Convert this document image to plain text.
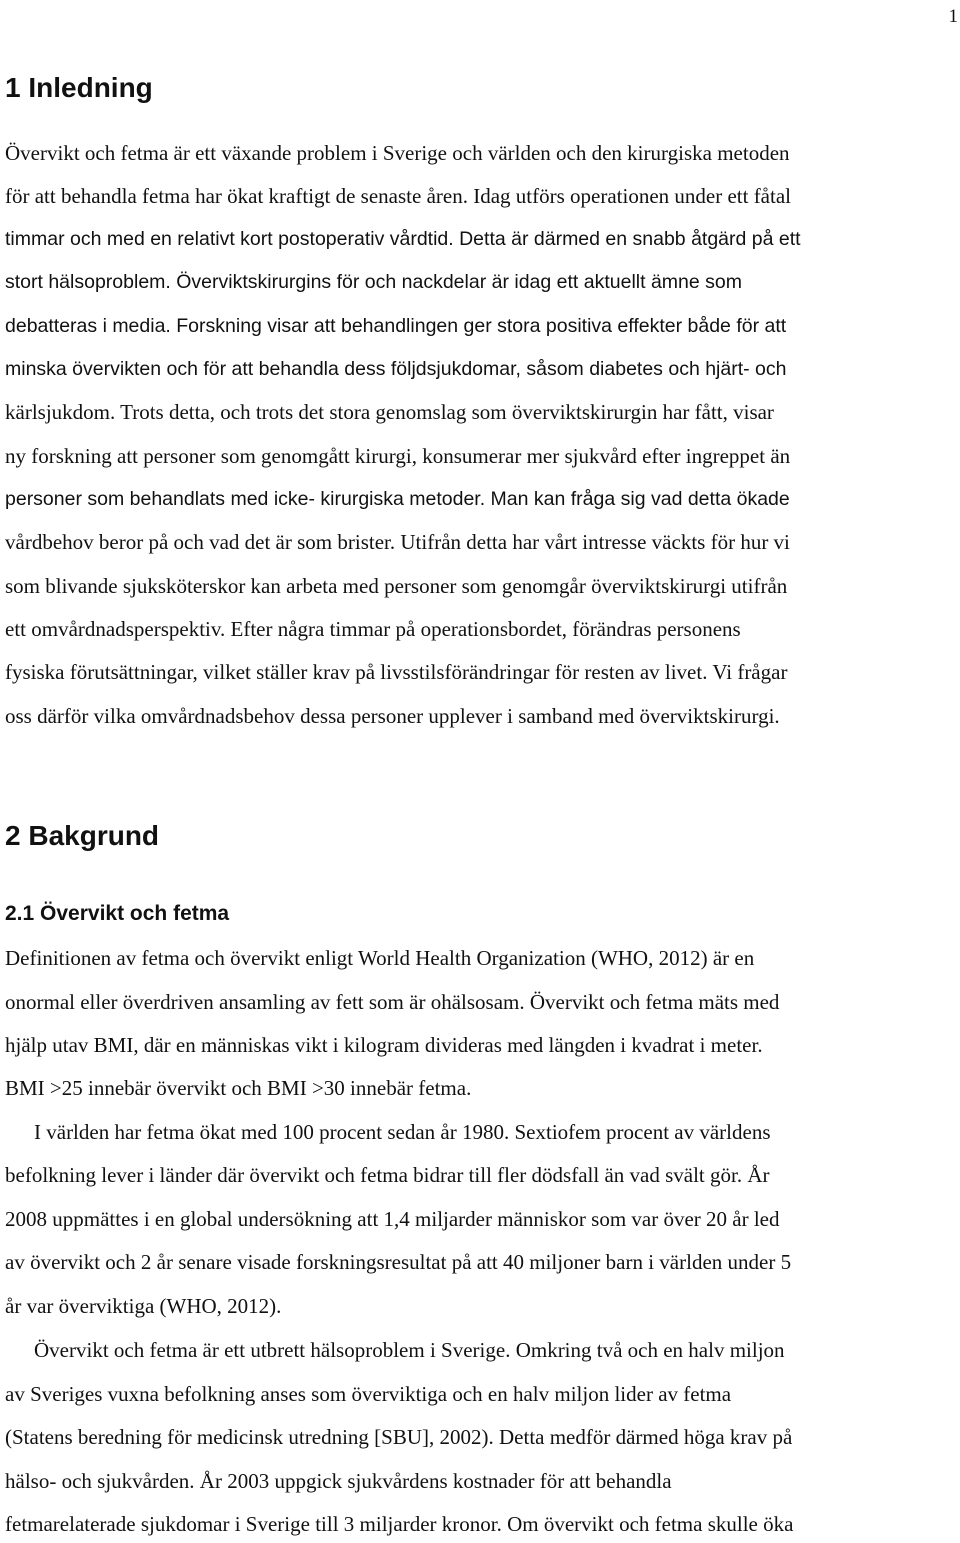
1
1 Inledning
Övervikt och fetma är ett växande problem i Sverige och världen och den kirurgiska metoden
för att behandla fetma har ökat kraftigt de senaste åren. Idag utförs operationen under ett fåtal
timmar och med en relativt kort postoperativ vårdtid. Detta är därmed en snabb åtgärd på ett
stort hälsoproblem. Överviktskirurgins för och nackdelar är idag ett aktuellt ämne som
debatteras i media. Forskning visar att behandlingen ger stora positiva effekter både för att
minska övervikten och för att behandla dess följdsjukdomar, såsom diabetes och hjärt- och
kärlsjukdom. Trots detta, och trots det stora genomslag som överviktskirurgin har fått, visar
ny forskning att personer som genomgått kirurgi, konsumerar mer sjukvård efter ingreppet än
personer som behandlats med icke- kirurgiska metoder. Man kan fråga sig vad detta ökade
vårdbehov beror på och vad det är som brister. Utifrån detta har vårt intresse väckts för hur vi
som blivande sjuksköterskor kan arbeta med personer som genomgår överviktskirurgi utifrån
ett omvårdnadsperspektiv. Efter några timmar på operationsbordet, förändras personens
fysiska förutsättningar, vilket ställer krav på livsstilsförändringar för resten av livet. Vi frågar
oss därför vilka omvårdnadsbehov dessa personer upplever i samband med överviktskirurgi.
2 Bakgrund
2.1 Övervikt och fetma
Definitionen av fetma och övervikt enligt World Health Organization (WHO, 2012) är en
onormal eller överdriven ansamling av fett som är ohälsosam. Övervikt och fetma mäts med
hjälp utav BMI, där en människas vikt i kilogram divideras med längden i kvadrat i meter.
BMI >25 innebär övervikt och BMI >30 innebär fetma.
I världen har fetma ökat med 100 procent sedan år 1980. Sextiofem procent av världens
befolkning lever i länder där övervikt och fetma bidrar till fler dödsfall än vad svält gör. År
2008 uppmättes i en global undersökning att 1,4 miljarder människor som var över 20 år led
av övervikt och 2 år senare visade forskningsresultat på att 40 miljoner barn i världen under 5
år var överviktiga (WHO, 2012).
Övervikt och fetma är ett utbrett hälsoproblem i Sverige. Omkring två och en halv miljon
av Sveriges vuxna befolkning anses som överviktiga och en halv miljon lider av fetma
(Statens beredning för medicinsk utredning [SBU], 2002). Detta medför därmed höga krav på
hälso- och sjukvården. År 2003 uppgick sjukvårdens kostnader för att behandla
fetmarelaterade sjukdomar i Sverige till 3 miljarder kronor. Om övervikt och fetma skulle öka
